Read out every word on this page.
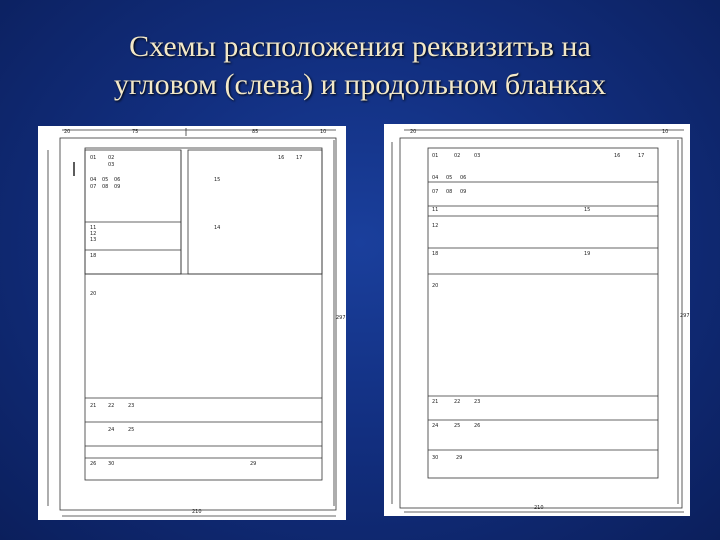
Схемы расположения реквизитьв на
угловом (слева) и продольном бланках
20	75	85	10
297
210
01 02
03
16 17
04 05 06
07 08 09
15
11
12
13
14
18
20
21 22	23
24	25
26 30	29
20	10
297
210
01	02	03	16	17
04 05 06
07 08 09
15
11
12
18	19
20
21	22	23
24	25	26
30	29
